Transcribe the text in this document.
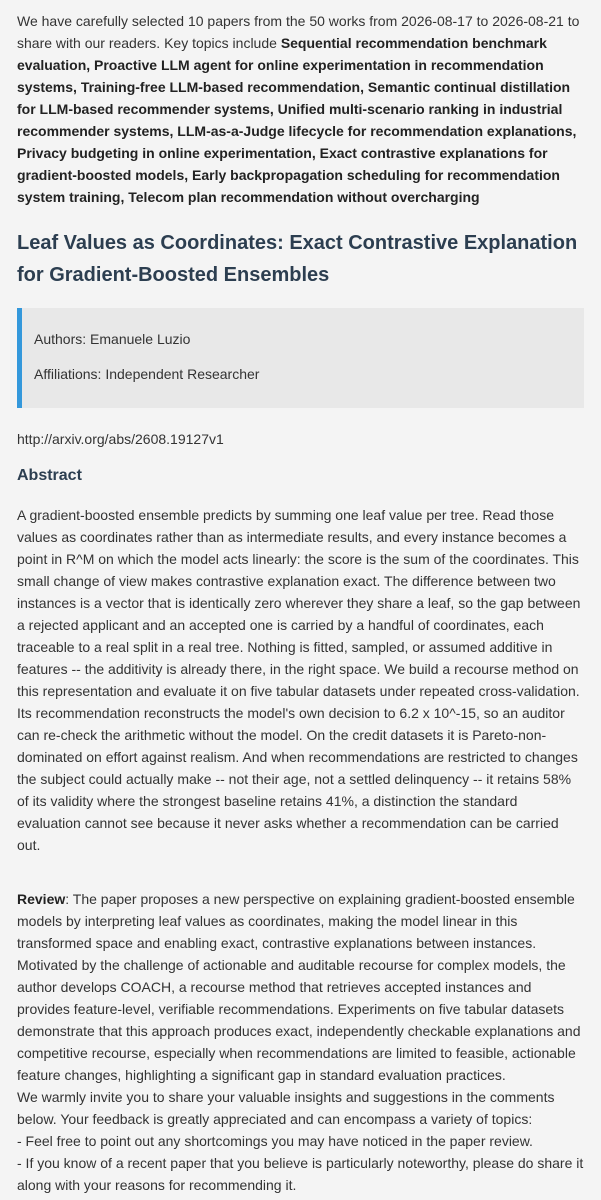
We have carefully selected 10 papers from the 50 works from 2026-08-17 to 2026-08-21 to share with our readers. Key topics include Sequential recommendation benchmark evaluation, Proactive LLM agent for online experimentation in recommendation systems, Training-free LLM-based recommendation, Semantic continual distillation for LLM-based recommender systems, Unified multi-scenario ranking in industrial recommender systems, LLM-as-a-Judge lifecycle for recommendation explanations, Privacy budgeting in online experimentation, Exact contrastive explanations for gradient-boosted models, Early backpropagation scheduling for recommendation system training, Telecom plan recommendation without overcharging

Leaf Values as Coordinates: Exact Contrastive Explanation for Gradient-Boosted Ensembles

Authors: Emanuele Luzio

Affiliations: Independent Researcher

http://arxiv.org/abs/2608.19127v1
Abstract

A gradient-boosted ensemble predicts by summing one leaf value per tree. Read those values as coordinates rather than as intermediate results, and every instance becomes a point in R^M on which the model acts linearly: the score is the sum of the coordinates. This small change of view makes contrastive explanation exact. The difference between two instances is a vector that is identically zero wherever they share a leaf, so the gap between a rejected applicant and an accepted one is carried by a handful of coordinates, each traceable to a real split in a real tree. Nothing is fitted, sampled, or assumed additive in features -- the additivity is already there, in the right space. We build a recourse method on this representation and evaluate it on five tabular datasets under repeated cross-validation. Its recommendation reconstructs the model's own decision to 6.2 x 10^-15, so an auditor can re-check the arithmetic without the model. On the credit datasets it is Pareto-non-dominated on effort against realism. And when recommendations are restricted to changes the subject could actually make -- not their age, not a settled delinquency -- it retains 58% of its validity where the strongest baseline retains 41%, a distinction the standard evaluation cannot see because it never asks whether a recommendation can be carried out.

Review: The paper proposes a new perspective on explaining gradient-boosted ensemble models by interpreting leaf values as coordinates, making the model linear in this transformed space and enabling exact, contrastive explanations between instances. Motivated by the challenge of actionable and auditable recourse for complex models, the author develops COACH, a recourse method that retrieves accepted instances and provides feature-level, verifiable recommendations. Experiments on five tabular datasets demonstrate that this approach produces exact, independently checkable explanations and competitive recourse, especially when recommendations are limited to feasible, actionable feature changes, highlighting a significant gap in standard evaluation practices.
We warmly invite you to share your valuable insights and suggestions in the comments below. Your feedback is greatly appreciated and can encompass a variety of topics:
- Feel free to point out any shortcomings you may have noticed in the paper review.
- If you know of a recent paper that you believe is particularly noteworthy, please do share it along with your reasons for recommending it.
